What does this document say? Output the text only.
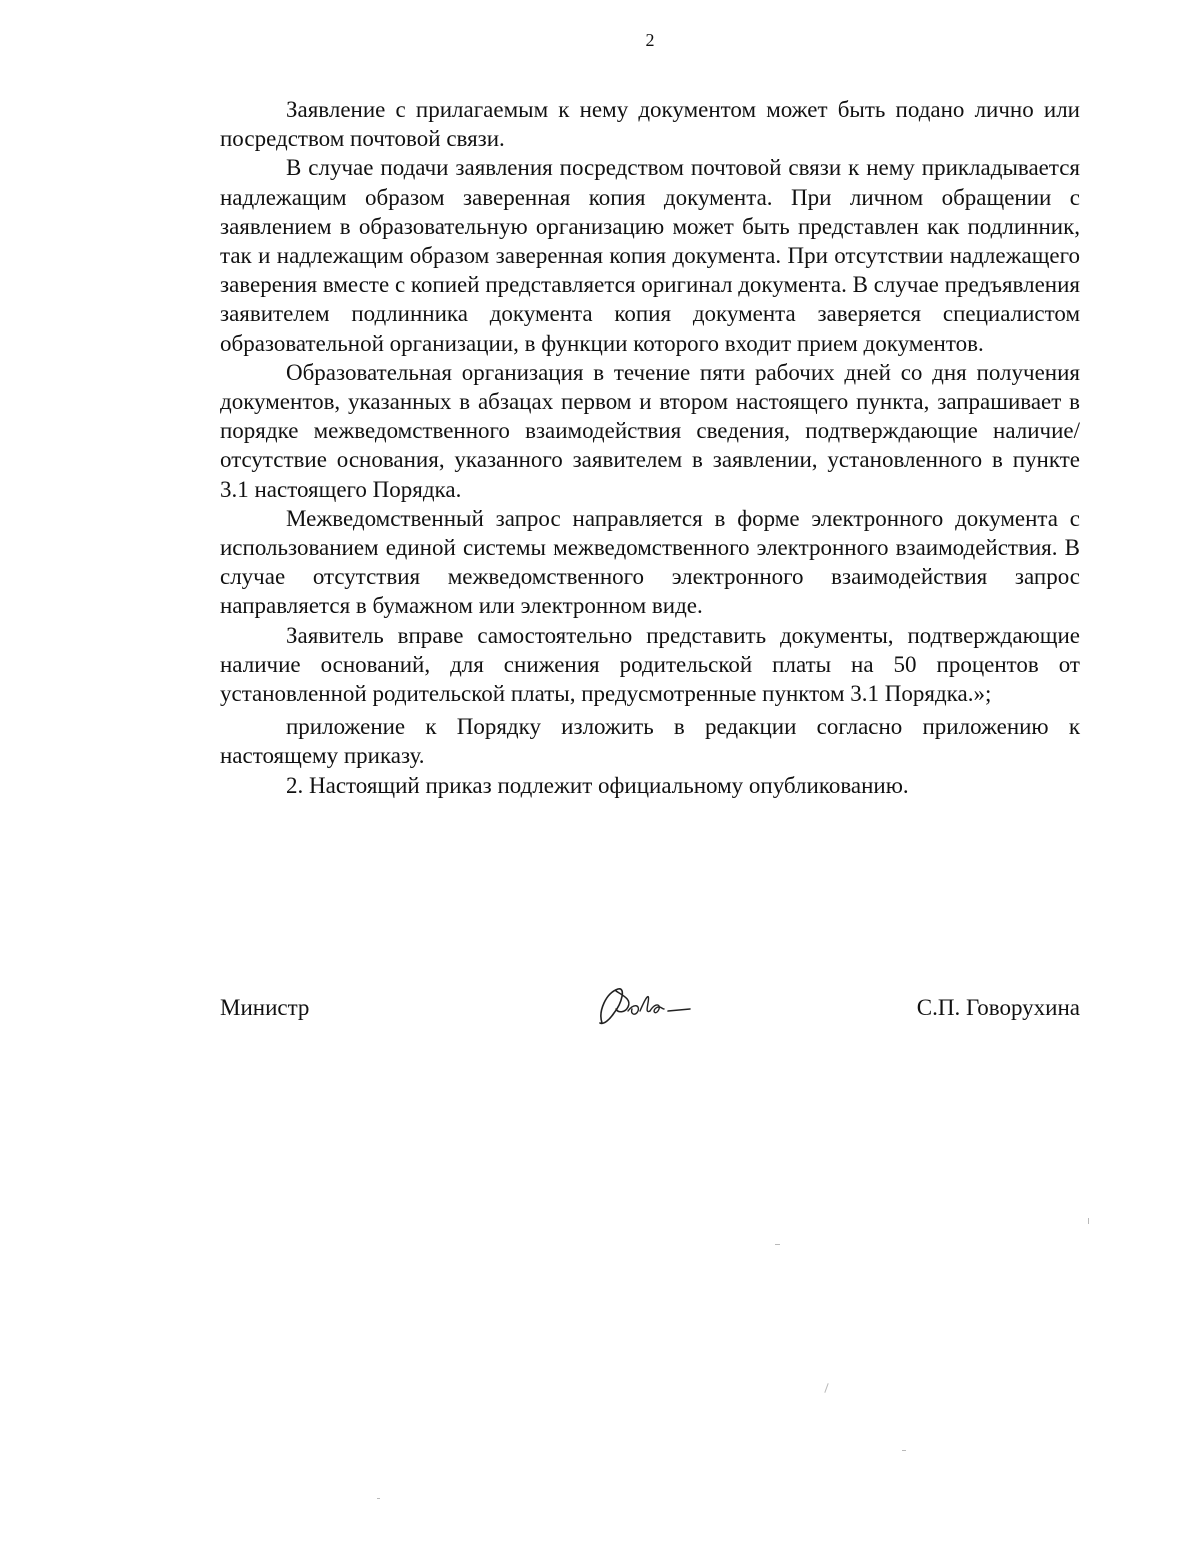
2

Заявление с прилагаемым к нему документом может быть подано лично или посредством почтовой связи.

В случае подачи заявления посредством почтовой связи к нему прикладывается надлежащим образом заверенная копия документа. При личном обращении с заявлением в образовательную организацию может быть представлен как подлинник, так и надлежащим образом заверенная копия документа. При отсутствии надлежащего заверения вместе с копией представляется оригинал документа. В случае предъявления заявителем подлинника документа копия документа заверяется специалистом образовательной организации, в функции которого входит прием документов.

Образовательная организация в течение пяти рабочих дней со дня получения документов, указанных в абзацах первом и втором настоящего пункта, запрашивает в порядке межведомственного взаимодействия сведения, подтверждающие наличие/отсутствие основания, указанного заявителем в заявлении, установленного в пункте 3.1 настоящего Порядка.

Межведомственный запрос направляется в форме электронного документа с использованием единой системы межведомственного электронного взаимодействия. В случае отсутствия межведомственного электронного взаимодействия запрос направляется в бумажном или электронном виде.

Заявитель вправе самостоятельно представить документы, подтверждающие наличие оснований, для снижения родительской платы на 50 процентов от установленной родительской платы, предусмотренные пунктом 3.1 Порядка.»;

приложение к Порядку изложить в редакции согласно приложению к настоящему приказу.

2. Настоящий приказ подлежит официальному опубликованию.

Министр	С.П. Говорухина
